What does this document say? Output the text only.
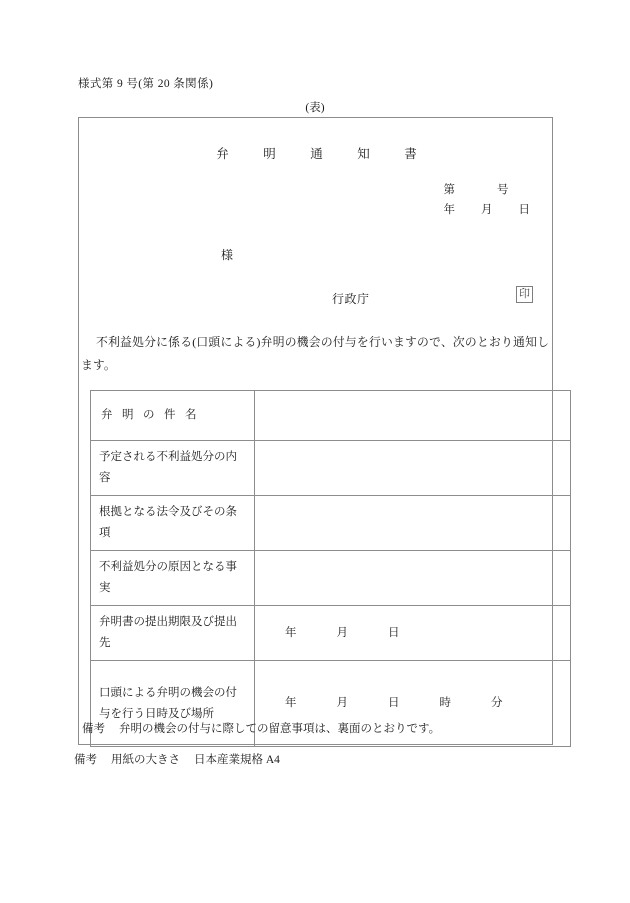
様式第 9 号(第 20 条関係)
(表)
弁　明　通　知　書
第	号
年 月 日
様
行政庁	印
不利益処分に係る(口頭による)弁明の機会の付与を行いますので、次のとおり通知します。
弁明の件名	

予定される不利益処分の内容	
根拠となる法令及びその条項	
不利益処分の原因となる事実	
弁明書の提出期限及び提出先	年 月 日

口頭による弁明の機会の付与を行う日時及び場所	年 月 日 時 分
備考 弁明の機会の付与に際しての留意事項は、裏面のとおりです。
備考 用紙の大きさ 日本産業規格 A4
